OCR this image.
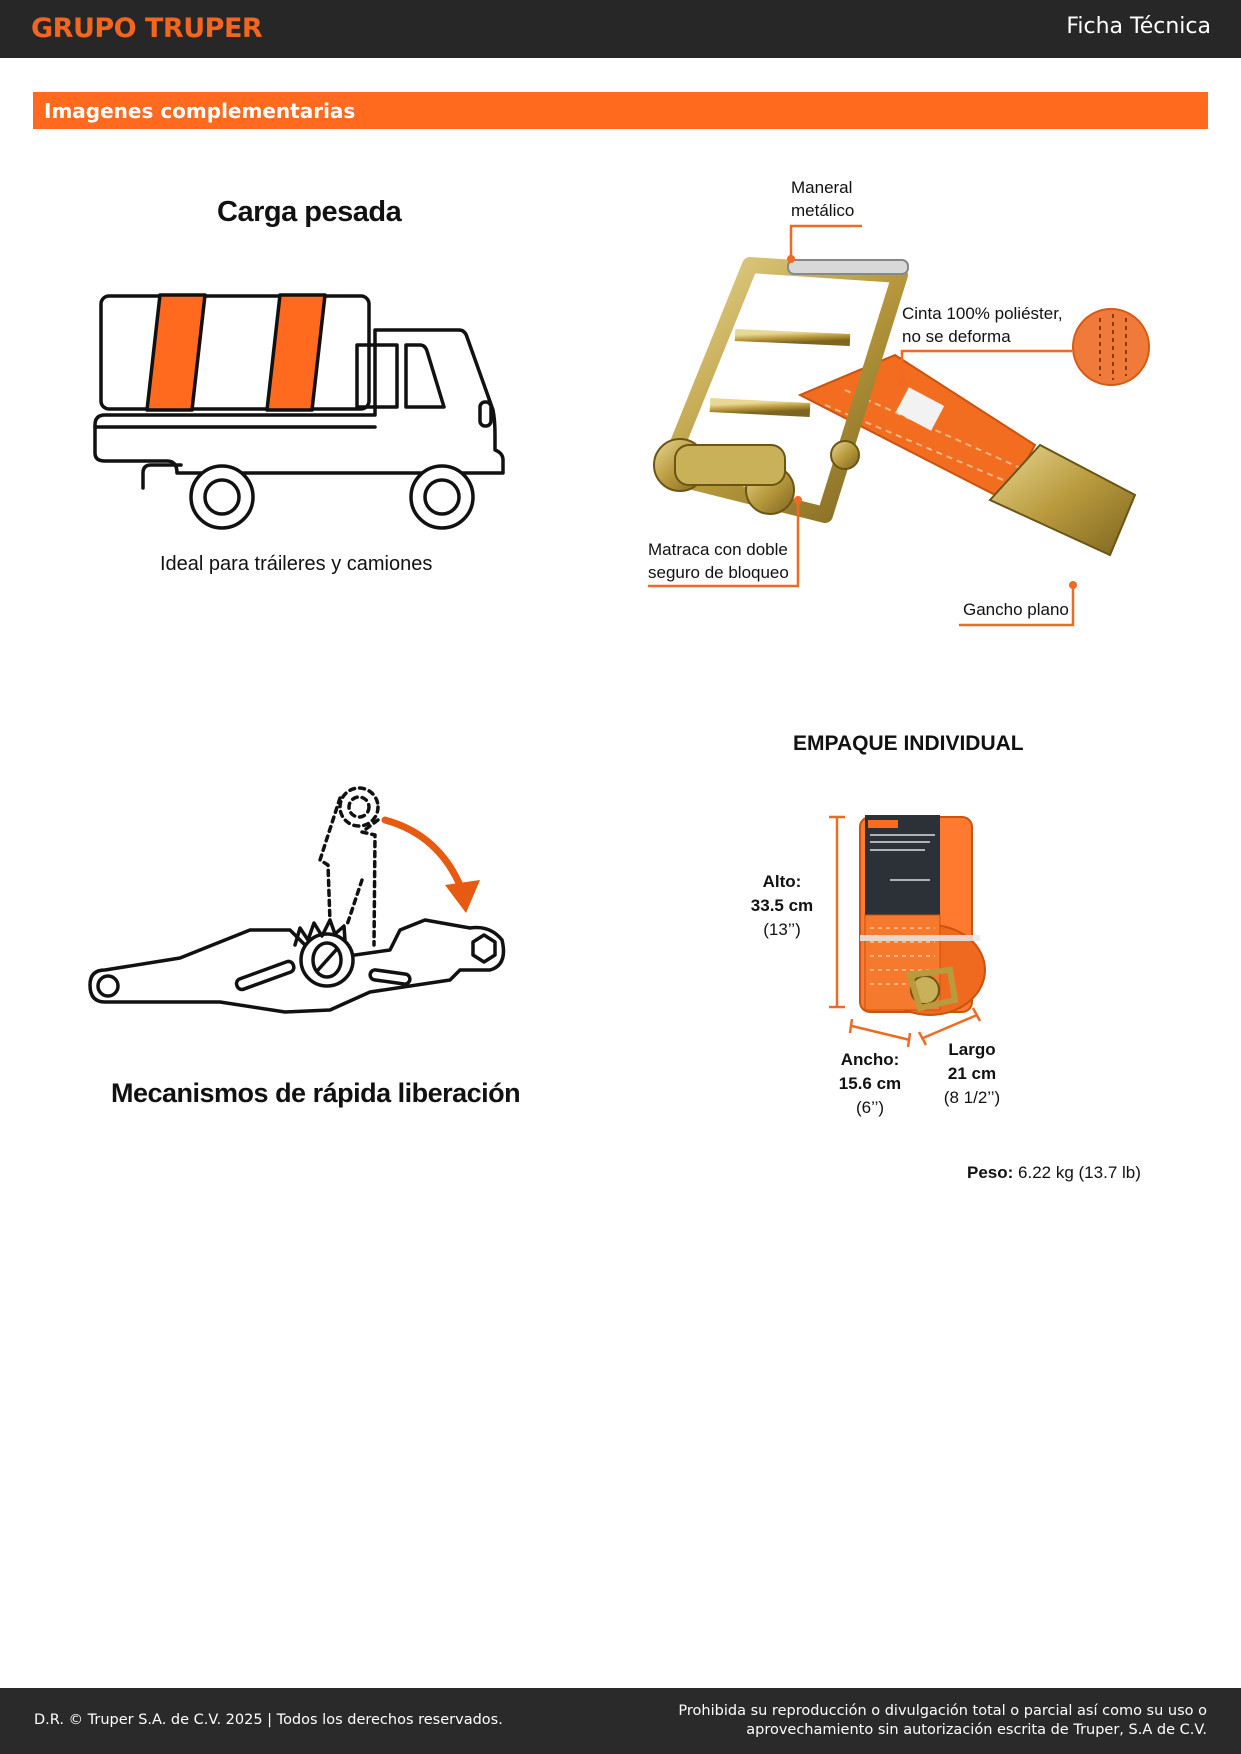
GRUPO TRUPER	Ficha Técnica
Imagenes complementarias
Carga pesada
Ideal para tráileres y camiones
Maneral
metálico
Cinta 100% poliéster,
no se deforma
Matraca con doble
seguro de bloqueo
Gancho plano
Mecanismos de rápida liberación
EMPAQUE INDIVIDUAL
Alto:
33.5 cm
(13’’)
Ancho:
15.6 cm
(6’’)
Largo
21 cm
(8 1/2’’)
Peso: 6.22 kg (13.7 lb)
D.R. © Truper S.A. de C.V. 2025 | Todos los derechos reservados.
Prohibida su reproducción o divulgación total o parcial así como su uso o
aprovechamiento sin autorización escrita de Truper, S.A de C.V.
